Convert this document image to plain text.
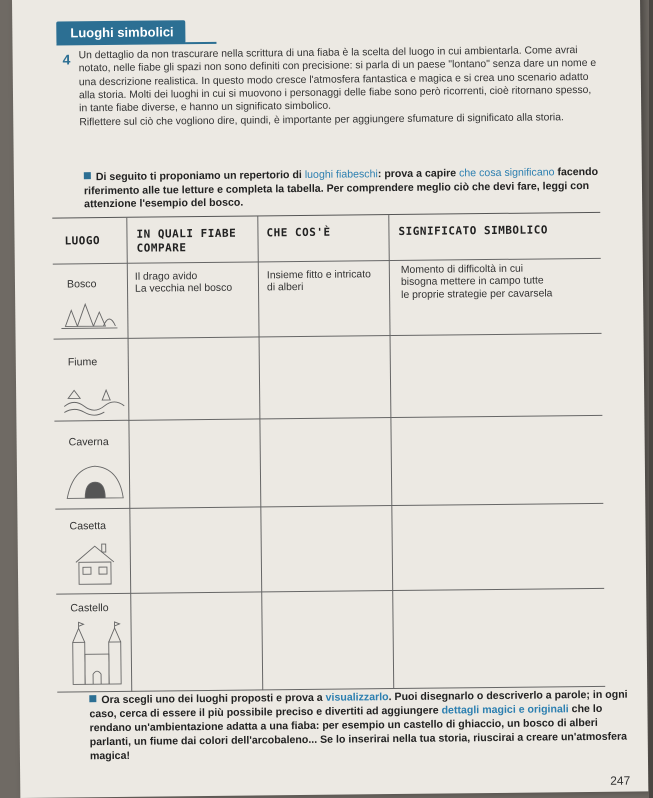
Luoghi simbolici
4 Un dettaglio da non trascurare nella scrittura di una fiaba è la scelta del luogo in cui ambientarla. Come avrai notato, nelle fiabe gli spazi non sono definiti con precisione: si parla di un paese "lontano" senza dare un nome e una descrizione realistica. In questo modo cresce l'atmosfera fantastica e magica e si crea uno scenario adatto alla storia. Molti dei luoghi in cui si muovono i personaggi delle fiabe sono però ricorrenti, cioè ritornano spesso, in tante fiabe diverse, e hanno un significato simbolico.

Riflettere sul ciò che vogliono dire, quindi, è importante per aggiungere sfumature di significato alla storia.

Di seguito ti proponiamo un repertorio di luoghi fiabeschi: prova a capire che cosa significano facendo riferimento alle tue letture e completa la tabella. Per comprendere meglio ciò che devi fare, leggi con attenzione l'esempio del bosco.
LUOGO
IN QUALI FIABE COMPARE
CHE COS'È	SIGNIFICATO SIMBOLICO
Bosco
Il drago avido
La vecchia nel bosco
Insieme fitto e intricato
di alberi
Momento di difficoltà in cui
bisogna mettere in campo tutte
le proprie strategie per cavarsela
Fiume
Caverna
Casetta
Castello
Ora scegli uno dei luoghi proposti e prova a visualizzarlo. Puoi disegnarlo o descriverlo a parole; in ogni caso, cerca di essere il più possibile preciso e divertiti ad aggiungere dettagli magici e originali che lo rendano un'ambientazione adatta a una fiaba: per esempio un castello di ghiaccio, un bosco di alberi parlanti, un fiume dai colori dell'arcobaleno... Se lo inserirai nella tua storia, riuscirai a creare un'atmosfera magica!
247
